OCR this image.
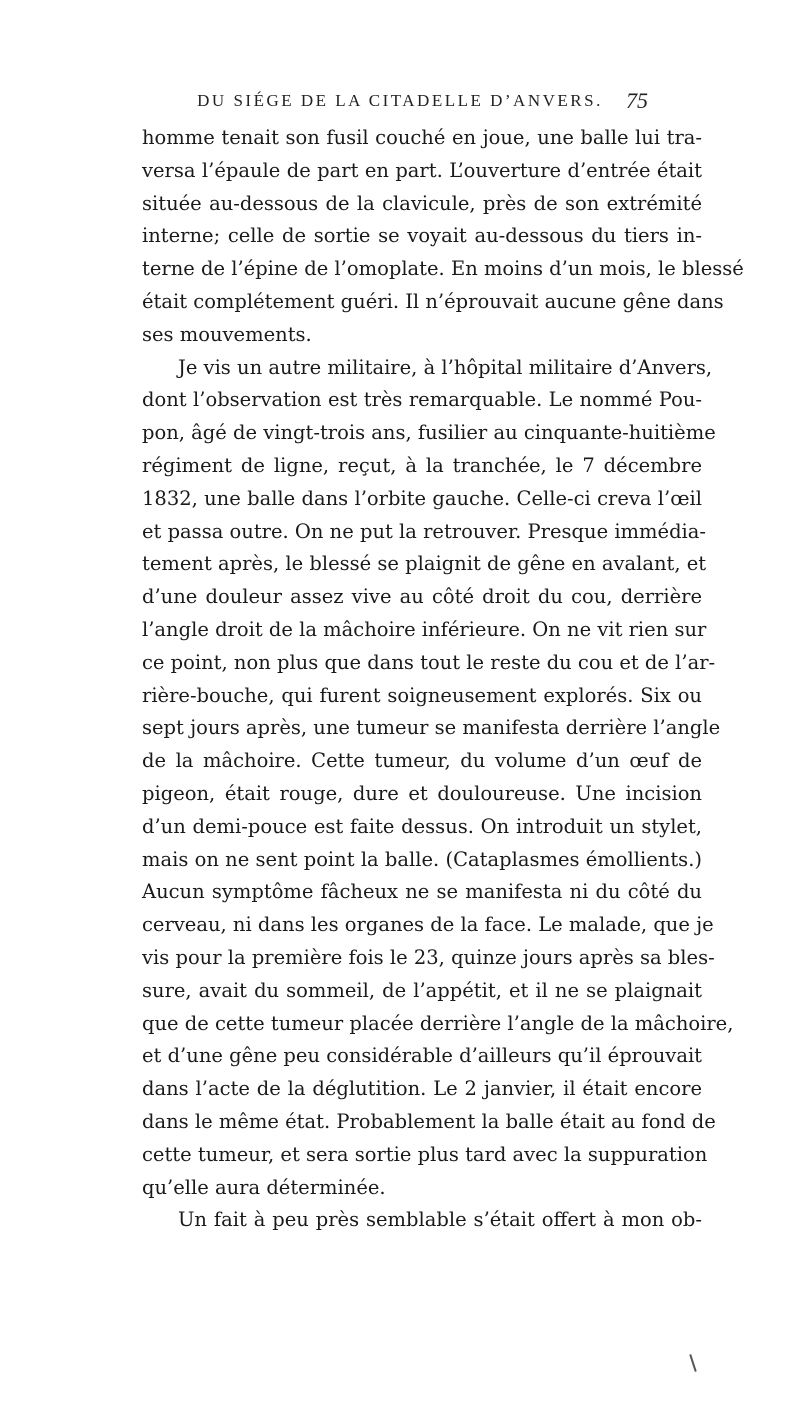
DU SIÉGE DE LA CITADELLE D’ANVERS.	75
homme tenait son fusil couché en joue, une balle lui tra-
versa l’épaule de part en part. L’ouverture d’entrée était
située au-dessous de la clavicule, près de son extrémité
interne; celle de sortie se voyait au-dessous du tiers in-
terne de l’épine de l’omoplate. En moins d’un mois, le blessé
était complétement guéri. Il n’éprouvait aucune gêne dans
ses mouvements.
Je vis un autre militaire, à l’hôpital militaire d’Anvers,
dont l’observation est très remarquable. Le nommé Pou-
pon, âgé de vingt-trois ans, fusilier au cinquante-huitième
régiment de ligne, reçut, à la tranchée, le 7 décembre
1832, une balle dans l’orbite gauche. Celle-ci creva l’œil
et passa outre. On ne put la retrouver. Presque immédia-
tement après, le blessé se plaignit de gêne en avalant, et
d’une douleur assez vive au côté droit du cou, derrière
l’angle droit de la mâchoire inférieure. On ne vit rien sur
ce point, non plus que dans tout le reste du cou et de l’ar-
rière-bouche, qui furent soigneusement explorés. Six ou
sept jours après, une tumeur se manifesta derrière l’angle
de la mâchoire. Cette tumeur, du volume d’un œuf de
pigeon, était rouge, dure et douloureuse. Une incision
d’un demi-pouce est faite dessus. On introduit un stylet,
mais on ne sent point la balle. (Cataplasmes émollients.)
Aucun symptôme fâcheux ne se manifesta ni du côté du
cerveau, ni dans les organes de la face. Le malade, que je
vis pour la première fois le 23, quinze jours après sa bles-
sure, avait du sommeil, de l’appétit, et il ne se plaignait
que de cette tumeur placée derrière l’angle de la mâchoire,
et d’une gêne peu considérable d’ailleurs qu’il éprouvait
dans l’acte de la déglutition. Le 2 janvier, il était encore
dans le même état. Probablement la balle était au fond de
cette tumeur, et sera sortie plus tard avec la suppuration
qu’elle aura déterminée.
Un fait à peu près semblable s’était offert à mon ob-
